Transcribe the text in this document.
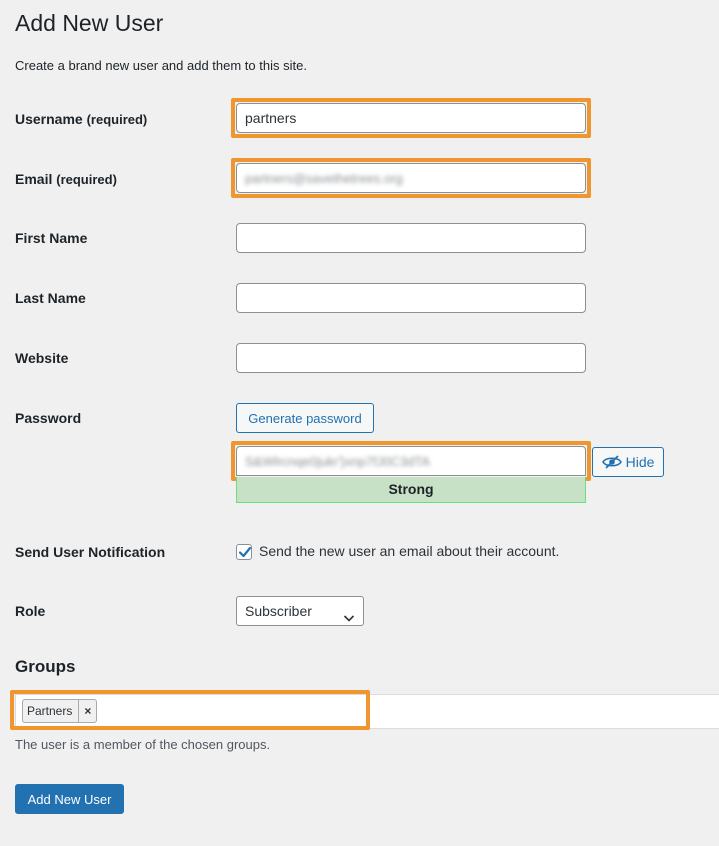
Add New User
Create a brand new user and add them to this site.
Username (required)	partners
Email (required)	partners@savethetrees.org
First Name
Last Name
Website
Password	Generate password
S&Wlrcnqe0jukr'}xnp7fJ0C3dTA
Strong
Hide
Send User Notification	Send the new user an email about their account.
Role	Subscriber
Groups
Partners	×
The user is a member of the chosen groups.
Add New User
